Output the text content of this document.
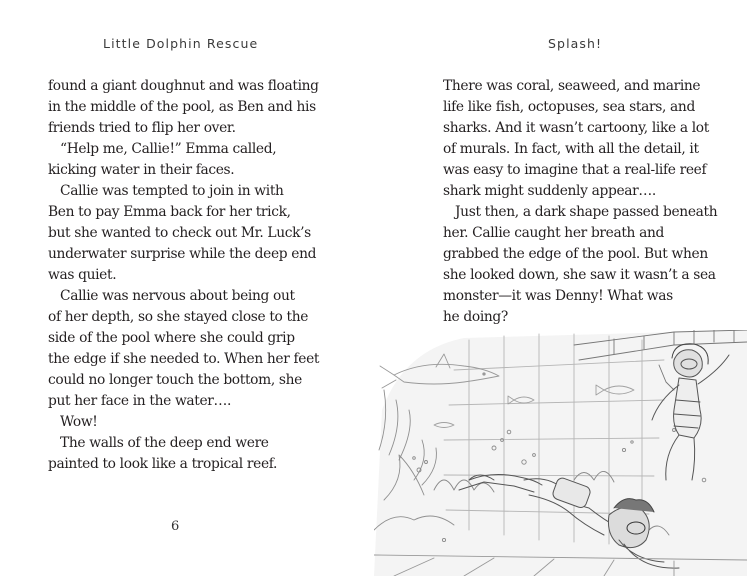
Little Dolphin Rescue
found a giant doughnut and was floating
in the middle of the pool, as Ben and his
friends tried to flip her over.
“Help me, Callie!” Emma called,
kicking water in their faces.
Callie was tempted to join in with
Ben to pay Emma back for her trick,
but she wanted to check out Mr. Luck’s
underwater surprise while the deep end
was quiet.
Callie was nervous about being out
of her depth, so she stayed close to the
side of the pool where she could grip
the edge if she needed to. When her feet
could no longer touch the bottom, she
put her face in the water….
Wow!
The walls of the deep end were
painted to look like a tropical reef.
6
Splash!
There was coral, seaweed, and marine
life like fish, octopuses, sea stars, and
sharks. And it wasn’t cartoony, like a lot
of murals. In fact, with all the detail, it
was easy to imagine that a real-life reef
shark might suddenly appear….
Just then, a dark shape passed beneath
her. Callie caught her breath and
grabbed the edge of the pool. But when
she looked down, she saw it wasn’t a sea
monster—it was Denny! What was
he doing?
